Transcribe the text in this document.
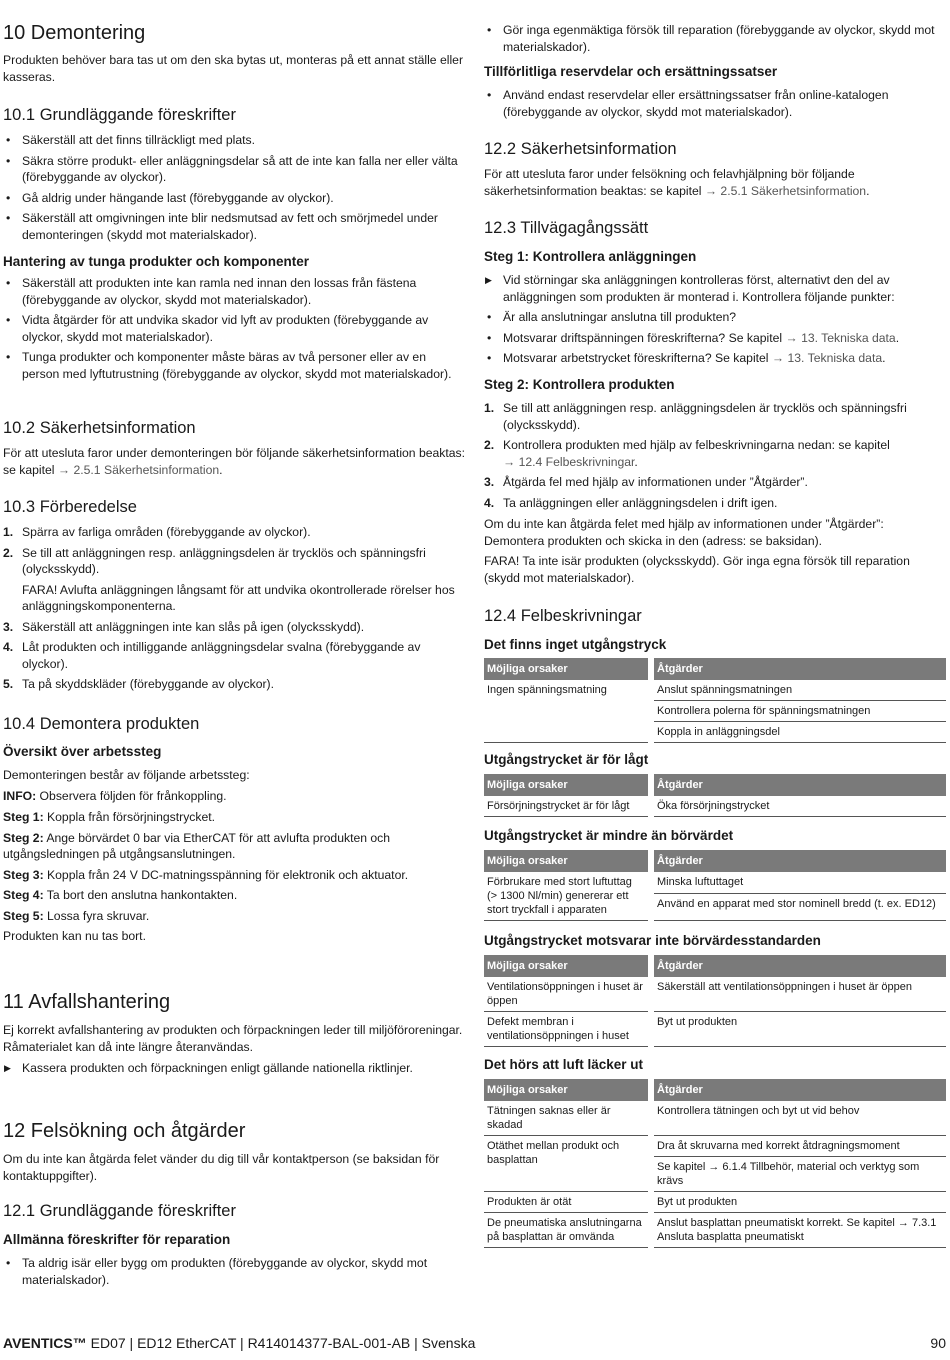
10 Demontering

Produkten behöver bara tas ut om den ska bytas ut, monteras på ett annat ställe eller kasseras.

10.1 Grundläggande föreskrifter
• Säkerställ att det finns tillräckligt med plats.
• Säkra större produkt- eller anläggningsdelar så att de inte kan falla ner eller välta (förebyggande av olyckor).
• Gå aldrig under hängande last (förebyggande av olyckor).
• Säkerställ att omgivningen inte blir nedsmutsad av fett och smörjmedel under demonteringen (skydd mot materialskador).
Hantering av tunga produkter och komponenter
• Säkerställ att produkten inte kan ramla ned innan den lossas från fästena (förebyggande av olyckor, skydd mot materialskador).
• Vidta åtgärder för att undvika skador vid lyft av produkten (förebyggande av olyckor, skydd mot materialskador).
• Tunga produkter och komponenter måste bäras av två personer eller av en person med lyftutrustning (förebyggande av olyckor, skydd mot materialskador).
10.2 Säkerhetsinformation

För att utesluta faror under demonteringen bör följande säkerhetsinformation beaktas: se kapitel → 2.5.1 Säkerhetsinformation.

10.3 Förberedelse
1. Spärra av farliga områden (förebyggande av olyckor).
2. Se till att anläggningen resp. anläggningsdelen är trycklös och spänningsfri (olycksskydd).
FARA! Avlufta anläggningen långsamt för att undvika okontrollerade rörelser hos anläggningskomponenterna.
3. Säkerställ att anläggningen inte kan slås på igen (olycksskydd).
4. Låt produkten och intilliggande anläggningsdelar svalna (förebyggande av olyckor).
5. Ta på skyddskläder (förebyggande av olyckor).
10.4 Demontera produkten
Översikt över arbetssteg

Demonteringen består av följande arbetssteg:

INFO: Observera följden för frånkoppling.

Steg 1: Koppla från försörjningstrycket.
Steg 2: Ange börvärdet 0 bar via EtherCAT för att avlufta produkten och utgångsledningen på utgångsanslutningen.
Steg 3: Koppla från 24 V DC-matningsspänning för elektronik och aktuator.
Steg 4: Ta bort den anslutna hankontakten.
Steg 5: Lossa fyra skruvar.
Produkten kan nu tas bort.
11 Avfallshantering

Ej korrekt avfallshantering av produkten och förpackningen leder till miljöföroreningar. Råmaterialet kan då inte längre återanvändas.

▶ Kassera produkten och förpackningen enligt gällande nationella riktlinjer.
12 Felsökning och åtgärder

Om du inte kan åtgärda felet vänder du dig till vår kontaktperson (se baksidan för kontaktuppgifter).

12.1 Grundläggande föreskrifter
Allmänna föreskrifter för reparation
• Ta aldrig isär eller bygg om produkten (förebyggande av olyckor, skydd mot materialskador).
• Gör inga egenmäktiga försök till reparation (förebyggande av olyckor, skydd mot materialskador).
Tillförlitliga reservdelar och ersättningssatser
• Använd endast reservdelar eller ersättningssatser från online-katalogen (förebyggande av olyckor, skydd mot materialskador).
12.2 Säkerhetsinformation

För att utesluta faror under felsökning och felavhjälpning bör följande säkerhetsinformation beaktas: se kapitel → 2.5.1 Säkerhetsinformation.

12.3 Tillvägagångssätt
Steg 1: Kontrollera anläggningen
▶ Vid störningar ska anläggningen kontrolleras först, alternativt den del av anläggningen som produkten är monterad i. Kontrollera följande punkter:
• Är alla anslutningar anslutna till produkten?
• Motsvarar driftspänningen föreskrifterna? Se kapitel → 13. Tekniska data.
• Motsvarar arbetstrycket föreskrifterna? Se kapitel → 13. Tekniska data.
Steg 2: Kontrollera produkten
1. Se till att anläggningen resp. anläggningsdelen är trycklös och spänningsfri (olycksskydd).
2. Kontrollera produkten med hjälp av felbeskrivningarna nedan: se kapitel
→ 12.4 Felbeskrivningar.
3. Åtgärda fel med hjälp av informationen under ”Åtgärder”.
4. Ta anläggningen eller anläggningsdelen i drift igen.

Om du inte kan åtgärda felet med hjälp av informationen under ”Åtgärder”: Demontera produkten och skicka in den (adress: se baksidan).

FARA! Ta inte isär produkten (olycksskydd). Gör inga egna försök till reparation (skydd mot materialskador).

12.4 Felbeskrivningar
Det finns inget utgångstryck
Möjliga orsaker	Åtgärder
Ingen spänningsmatning	Anslut spänningsmatningen
	Kontrollera polerna för spänningsmatningen
	Koppla in anläggningsdel
Utgångstrycket är för lågt
Möjliga orsaker	Åtgärder
Försörjningstrycket är för lågt	Öka försörjningstrycket
Utgångstrycket är mindre än börvärdet
Möjliga orsaker	Åtgärder
Förbrukare med stort luftuttag (> 1300 Nl/min) genererar ett stort tryckfall i apparaten	Minska luftuttaget
	Använd en apparat med stor nominell bredd (t. ex. ED12)
Utgångstrycket motsvarar inte börvärdesstandarden
Möjliga orsaker	Åtgärder
Ventilationsöppningen i huset är öppen	Säkerställ att ventilationsöppningen i huset är öppen
Defekt membran i ventilationsöppningen i huset	Byt ut produkten
Det hörs att luft läcker ut
Möjliga orsaker	Åtgärder
Tätningen saknas eller är skadad	Kontrollera tätningen och byt ut vid behov
Otäthet mellan produkt och basplattan	Dra åt skruvarna med korrekt åtdragningsmoment
	Se kapitel → 6.1.4 Tillbehör, material och verktyg som krävs
Produkten är otät	Byt ut produkten
De pneumatiska anslutningarna på basplattan är omvända	Anslut basplattan pneumatiskt korrekt. Se kapitel → 7.3.1 Ansluta basplatta pneumatiskt
AVENTICS™ ED07 | ED12 EtherCAT | R414014377-BAL-001-AB | Svenska	90
